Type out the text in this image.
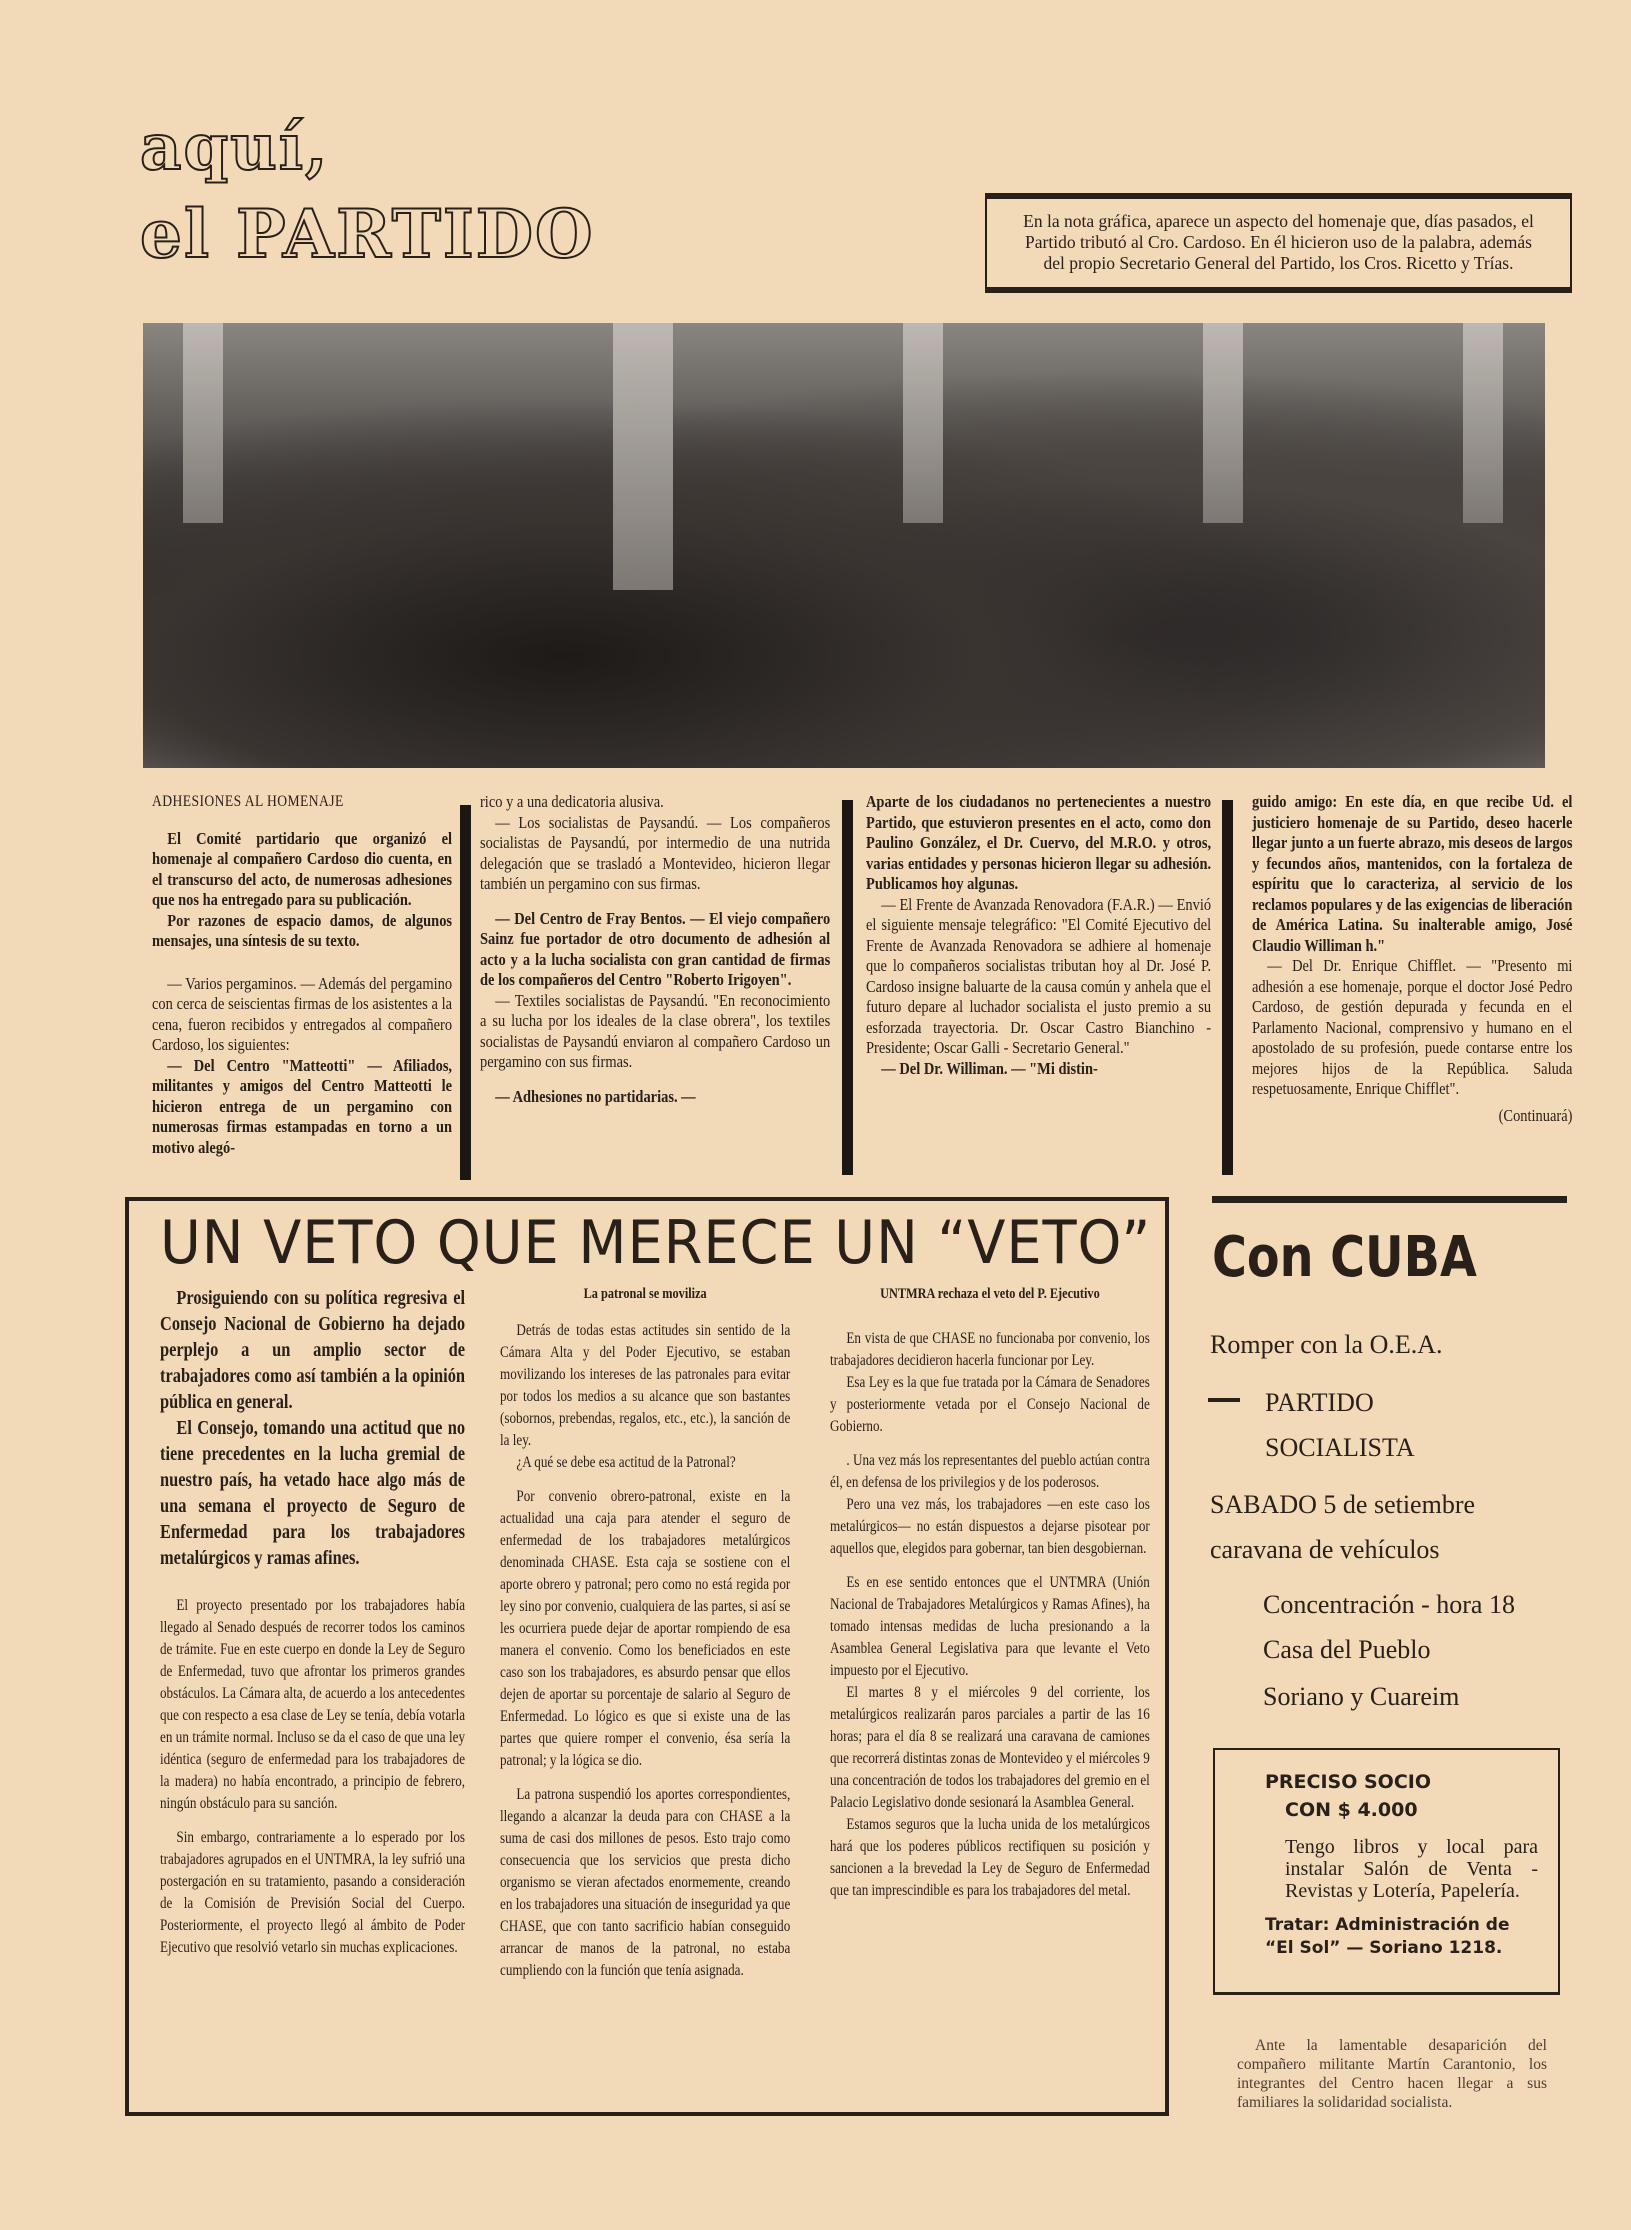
aquí,
el PARTIDO	En la nota gráfica, aparece un aspecto del homenaje que, días pasados, el Partido tributó al Cro. Cardoso. En él hicieron uso de la palabra, además del propio Secretario General del Partido, los Cros. Ricetto y Trías.
ADHESIONES AL HOMENAJE

El Comité partidario que organizó el homenaje al compañero Cardoso dio cuenta, en el transcurso del acto, de numerosas adhesiones que nos ha entregado para su publicación.

Por razones de espacio damos, de algunos mensajes, una síntesis de su texto.

— Varios pergaminos. — Además del pergamino con cerca de seiscientas firmas de los asistentes a la cena, fueron recibidos y entregados al compañero Cardoso, los siguientes:

— Del Centro "Matteotti" — Afiliados, militantes y amigos del Centro Matteotti le hicieron entrega de un pergamino con numerosas firmas estampadas en torno a un motivo alegó-

rico y a una dedicatoria alusiva.

— Los socialistas de Paysandú. — Los compañeros socialistas de Paysandú, por intermedio de una nutrida delegación que se trasladó a Montevideo, hicieron llegar también un pergamino con sus firmas.

— Del Centro de Fray Bentos. — El viejo compañero Sainz fue portador de otro documento de adhesión al acto y a la lucha socialista con gran cantidad de firmas de los compañeros del Centro "Roberto Irigoyen".

— Textiles socialistas de Paysandú. "En reconocimiento a su lucha por los ideales de la clase obrera", los textiles socialistas de Paysandú enviaron al compañero Cardoso un pergamino con sus firmas.

— Adhesiones no partidarias. —

Aparte de los ciudadanos no pertenecientes a nuestro Partido, que estuvieron presentes en el acto, como don Paulino González, el Dr. Cuervo, del M.R.O. y otros, varias entidades y personas hicieron llegar su adhesión. Publicamos hoy algunas.

— El Frente de Avanzada Renovadora (F.A.R.) — Envió el siguiente mensaje telegráfico: "El Comité Ejecutivo del Frente de Avanzada Renovadora se adhiere al homenaje que lo compañeros socialistas tributan hoy al Dr. José P. Cardoso insigne baluarte de la causa común y anhela que el futuro depare al luchador socialista el justo premio a su esforzada trayectoria. Dr. Oscar Castro Bianchino - Presidente; Oscar Galli - Secretario General."

— Del Dr. Williman. — "Mi distin-

guido amigo: En este día, en que recibe Ud. el justiciero homenaje de su Partido, deseo hacerle llegar junto a un fuerte abrazo, mis deseos de largos y fecundos años, mantenidos, con la fortaleza de espíritu que lo caracteriza, al servicio de los reclamos populares y de las exigencias de liberación de América Latina. Su inalterable amigo, José Claudio Williman h."

— Del Dr. Enrique Chifflet. — "Presento mi adhesión a ese homenaje, porque el doctor José Pedro Cardoso, de gestión depurada y fecunda en el Parlamento Nacional, comprensivo y humano en el apostolado de su profesión, puede contarse entre los mejores hijos de la República. Saluda respetuosamente, Enrique Chifflet".

(Continuará)
UN VETO QUE MERECE UN “VETO”

Prosiguiendo con su política regresiva el Consejo Nacional de Gobierno ha dejado perplejo a un amplio sector de trabajadores como así también a la opinión pública en general.

El Consejo, tomando una actitud que no tiene precedentes en la lucha gremial de nuestro país, ha vetado hace algo más de una semana el proyecto de Seguro de Enfermedad para los trabajadores metalúrgicos y ramas afines.

El proyecto presentado por los trabajadores había llegado al Senado después de recorrer todos los caminos de trámite. Fue en este cuerpo en donde la Ley de Seguro de Enfermedad, tuvo que afrontar los primeros grandes obstáculos. La Cámara alta, de acuerdo a los antecedentes que con respecto a esa clase de Ley se tenía, debía votarla en un trámite normal. Incluso se da el caso de que una ley idéntica (seguro de enfermedad para los trabajadores de la madera) no había encontrado, a principio de febrero, ningún obstáculo para su sanción.

Sin embargo, contrariamente a lo esperado por los trabajadores agrupados en el UNTMRA, la ley sufrió una postergación en su tratamiento, pasando a consideración de la Comisión de Previsión Social del Cuerpo. Posteriormente, el proyecto llegó al ámbito de Poder Ejecutivo que resolvió vetarlo sin muchas explicaciones.

La patronal se moviliza

Detrás de todas estas actitudes sin sentido de la Cámara Alta y del Poder Ejecutivo, se estaban movilizando los intereses de las patronales para evitar por todos los medios a su alcance que son bastantes (sobornos, prebendas, regalos, etc., etc.), la sanción de la ley.

¿A qué se debe esa actitud de la Patronal?

Por convenio obrero-patronal, existe en la actualidad una caja para atender el seguro de enfermedad de los trabajadores metalúrgicos denominada CHASE. Esta caja se sostiene con el aporte obrero y patronal; pero como no está regida por ley sino por convenio, cualquiera de las partes, si así se les ocurriera puede dejar de aportar rompiendo de esa manera el convenio. Como los beneficiados en este caso son los trabajadores, es absurdo pensar que ellos dejen de aportar su porcentaje de salario al Seguro de Enfermedad. Lo lógico es que si existe una de las partes que quiere romper el convenio, ésa sería la patronal; y la lógica se dio.

La patrona suspendió los aportes correspondientes, llegando a alcanzar la deuda para con CHASE a la suma de casi dos millones de pesos. Esto trajo como consecuencia que los servicios que presta dicho organismo se vieran afectados enormemente, creando en los trabajadores una situación de inseguridad ya que CHASE, que con tanto sacrificio habían conseguido arrancar de manos de la patronal, no estaba cumpliendo con la función que tenía asignada.

UNTMRA rechaza el veto del P. Ejecutivo

En vista de que CHASE no funcionaba por convenio, los trabajadores decidieron hacerla funcionar por Ley.

Esa Ley es la que fue tratada por la Cámara de Senadores y posteriormente vetada por el Consejo Nacional de Gobierno.

. Una vez más los representantes del pueblo actúan contra él, en defensa de los privilegios y de los poderosos.

Pero una vez más, los trabajadores —en este caso los metalúrgicos— no están dispuestos a dejarse pisotear por aquellos que, elegidos para gobernar, tan bien desgobiernan.

Es en ese sentido entonces que el UNTMRA (Unión Nacional de Trabajadores Metalúrgicos y Ramas Afines), ha tomado intensas medidas de lucha presionando a la Asamblea General Legislativa para que levante el Veto impuesto por el Ejecutivo.

El martes 8 y el miércoles 9 del corriente, los metalúrgicos realizarán paros parciales a partir de las 16 horas; para el día 8 se realizará una caravana de camiones que recorrerá distintas zonas de Montevideo y el miércoles 9 una concentración de todos los trabajadores del gremio en el Palacio Legislativo donde sesionará la Asamblea General.

Estamos seguros que la lucha unida de los metalúrgicos hará que los poderes públicos rectifiquen su posición y sancionen a la brevedad la Ley de Seguro de Enfermedad que tan imprescindible es para los trabajadores del metal.

Con CUBA
Romper con la O.E.A.
PARTIDO
SOCIALISTA
SABADO 5 de setiembre
caravana de vehículos
Concentración - hora 18
Casa del Pueblo
Soriano y Cuareim
PRECISO SOCIO
CON $ 4.000
Tengo libros y local para instalar Salón de Venta - Revistas y Lotería, Papelería.
Tratar: Administración de
“El Sol” — Soriano 1218.
Ante la lamentable desaparición del compañero militante Martín Carantonio, los integrantes del Centro hacen llegar a sus familiares la solidaridad socialista.
